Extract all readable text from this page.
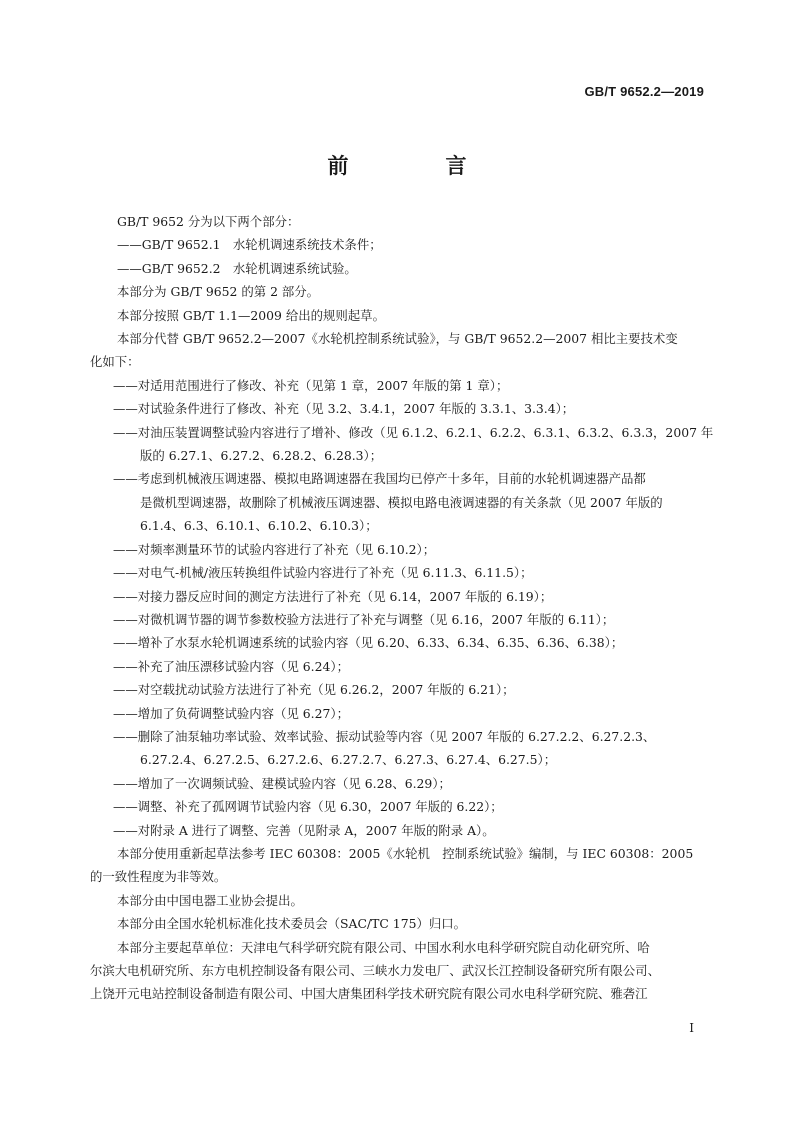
GB/T 9652.2—2019
前　言

GB/T 9652 分为以下两个部分：

——GB/T 9652.1　水轮机调速系统技术条件；

——GB/T 9652.2　水轮机调速系统试验。

本部分为 GB/T 9652 的第 2 部分。

本部分按照 GB/T 1.1—2009 给出的规则起草。

本部分代替 GB/T 9652.2—2007《水轮机控制系统试验》，与 GB/T 9652.2—2007 相比主要技术变

化如下：

——对适用范围进行了修改、补充（见第 1 章，2007 年版的第 1 章）；
——对试验条件进行了修改、补充（见 3.2、3.4.1，2007 年版的 3.3.1、3.3.4）；
——对油压装置调整试验内容进行了增补、修改（见 6.1.2、6.2.1、6.2.2、6.3.1、6.3.2、6.3.3，2007 年
版的 6.27.1、6.27.2、6.28.2、6.28.3）；
——考虑到机械液压调速器、模拟电路调速器在我国均已停产十多年，目前的水轮机调速器产品都
是微机型调速器，故删除了机械液压调速器、模拟电路电液调速器的有关条款（见 2007 年版的
6.1.4、6.3、6.10.1、6.10.2、6.10.3）；
——对频率测量环节的试验内容进行了补充（见 6.10.2）；
——对电气-机械/液压转换组件试验内容进行了补充（见 6.11.3、6.11.5）；
——对接力器反应时间的测定方法进行了补充（见 6.14，2007 年版的 6.19）；
——对微机调节器的调节参数校验方法进行了补充与调整（见 6.16，2007 年版的 6.11）；
——增补了水泵水轮机调速系统的试验内容（见 6.20、6.33、6.34、6.35、6.36、6.38）；
——补充了油压漂移试验内容（见 6.24）；
——对空载扰动试验方法进行了补充（见 6.26.2，2007 年版的 6.21）；
——增加了负荷调整试验内容（见 6.27）；
——删除了油泵轴功率试验、效率试验、振动试验等内容（见 2007 年版的 6.27.2.2、6.27.2.3、
6.27.2.4、6.27.2.5、6.27.2.6、6.27.2.7、6.27.3、6.27.4、6.27.5）；
——增加了一次调频试验、建模试验内容（见 6.28、6.29）；
——调整、补充了孤网调节试验内容（见 6.30，2007 年版的 6.22）；
——对附录 A 进行了调整、完善（见附录 A，2007 年版的附录 A）。

本部分使用重新起草法参考 IEC 60308：2005《水轮机　控制系统试验》编制，与 IEC 60308：2005

的一致性程度为非等效。

本部分由中国电器工业协会提出。

本部分由全国水轮机标准化技术委员会（SAC/TC 175）归口。

本部分主要起草单位：天津电气科学研究院有限公司、中国水利水电科学研究院自动化研究所、哈

尔滨大电机研究所、东方电机控制设备有限公司、三峡水力发电厂、武汉长江控制设备研究所有限公司、

上饶开元电站控制设备制造有限公司、中国大唐集团科学技术研究院有限公司水电科学研究院、雅砻江

I
